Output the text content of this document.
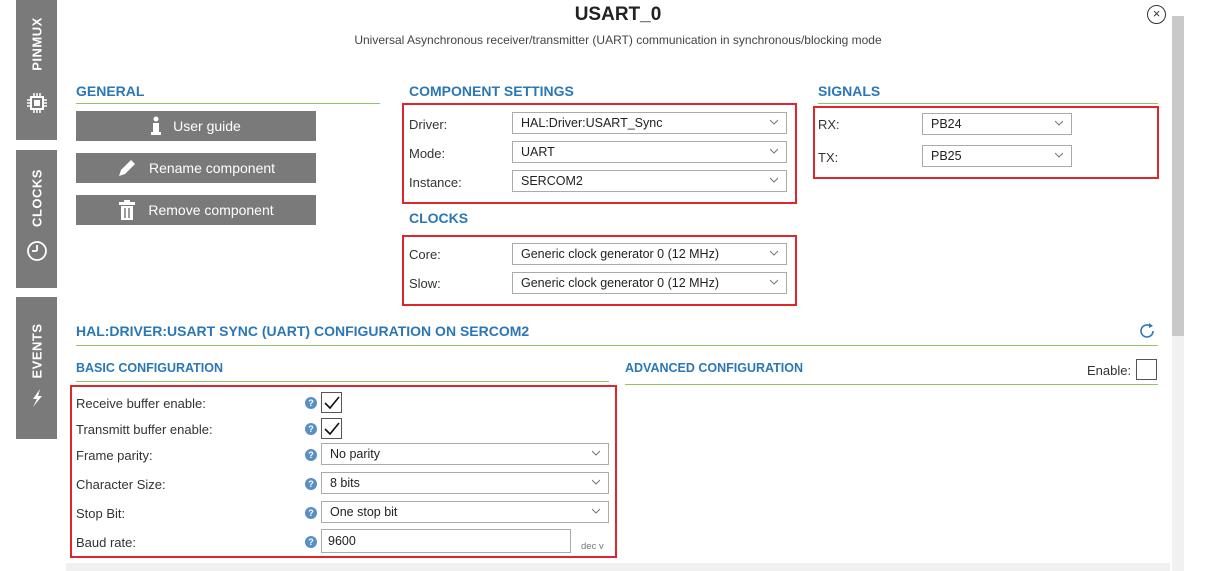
PINMUX
CLOCKS
EVENTS
USART_0
Universal Asynchronous receiver/transmitter (UART) communication in synchronous/blocking mode
×
GENERAL
User guide
Rename component
Remove component
COMPONENT SETTINGS
Driver:	HAL:Driver:USART_Sync
Mode:	UART
Instance:	SERCOM2
CLOCKS
Core:	Generic clock generator 0 (12 MHz)
Slow:	Generic clock generator 0 (12 MHz)
SIGNALS
RX:	PB24
TX:	PB25
HAL:DRIVER:USART SYNC (UART) CONFIGURATION ON SERCOM2
BASIC CONFIGURATION	ADVANCED CONFIGURATION	Enable:
Receive buffer enable:	?
Transmitt buffer enable:	?
Frame parity:	?	No parity
Character Size:	?	8 bits
Stop Bit:	?	One stop bit
Baud rate:	?	9600	dec v
